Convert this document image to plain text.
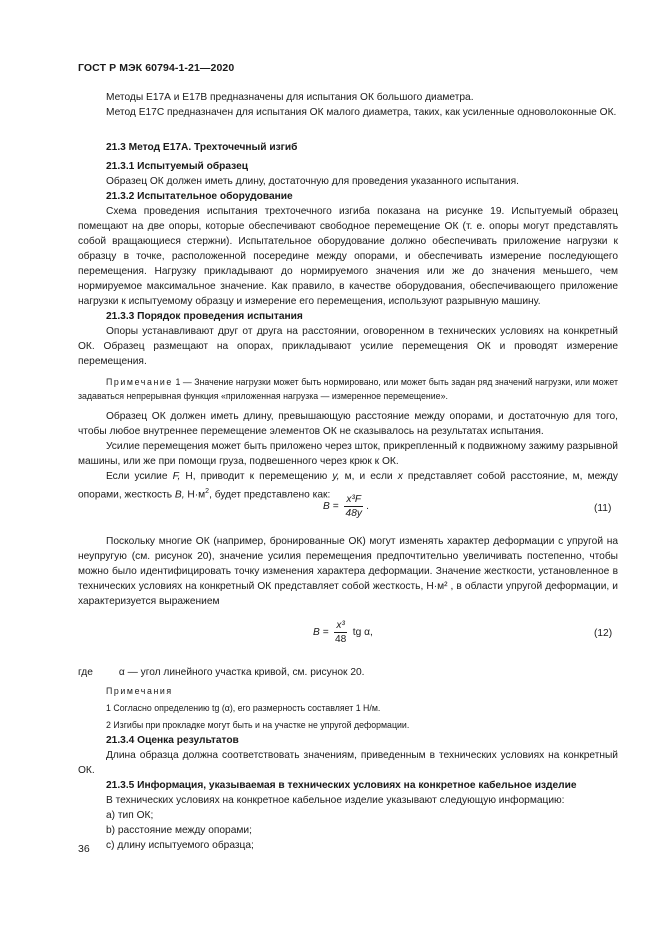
ГОСТ Р МЭК 60794-1-21—2020

Методы Е17А и Е17В предназначены для испытания ОК большого диаметра.

Метод Е17С предназначен для испытания ОК малого диаметра, таких, как усиленные одноволоконные ОК.

21.3 Метод Е17А. Трехточечный изгиб

21.3.1 Испытуемый образец

Образец ОК должен иметь длину, достаточную для проведения указанного испытания.

21.3.2 Испытательное оборудование

Схема проведения испытания трехточечного изгиба показана на рисунке 19. Испытуемый образец помещают на две опоры, которые обеспечивают свободное перемещение ОК (т. е. опоры могут представлять собой вращающиеся стержни). Испытательное оборудование должно обеспечивать приложение нагрузки к образцу в точке, расположенной посередине между опорами, и обеспечивать измерение последующего перемещения. Нагрузку прикладывают до нормируемого значения или же до значения меньшего, чем нормируемое максимальное значение. Как правило, в качестве оборудования, обеспечивающего приложение нагрузки к испытуемому образцу и измерение его перемещения, используют разрывную машину.

21.3.3 Порядок проведения испытания

Опоры устанавливают друг от друга на расстоянии, оговоренном в технических условиях на конкретный ОК. Образец размещают на опорах, прикладывают усилие перемещения ОК и проводят измерение перемещения.

Примечание 1 — Значение нагрузки может быть нормировано, или может быть задан ряд значений нагрузки, или может задаваться непрерывная функция «приложенная нагрузка — измеренное перемещение».

Образец ОК должен иметь длину, превышающую расстояние между опорами, и достаточную для того, чтобы любое внутреннее перемещение элементов ОК не сказывалось на результатах испытания.

Усилие перемещения может быть приложено через шток, прикрепленный к подвижному зажиму разрывной машины, или же при помощи груза, подвешенного через крюк к ОК.

Если усилие F, Н, приводит к перемещению y, м, и если x представляет собой расстояние, м, между опорами, жесткость B, $Н\cdot м^2$, будет представлено как:

$B = \frac{\text{x³F}}{48y}$ .	(11)

Поскольку многие ОК (например, бронированные ОК) могут изменять характер деформации с упругой на неупругую (см. рисунок 20), значение усилия перемещения предпочтительно увеличивать постепенно, чтобы можно было идентифицировать точку изменения характера деформации. Значение жесткости, установленное в технических условиях на конкретный ОК представляет собой жесткость, Н·м² , в области упругой деформации, и характеризуется выражением

$B = \frac{\text{x³}}{48}$ tg α,	(12)

где	α — угол линейного участка кривой, см. рисунок 20.

Примечания

1 Согласно определению tg (α), его размерность составляет 1 Н/м.

2 Изгибы при прокладке могут быть и на участке не упругой деформации.

21.3.4 Оценка результатов

Длина образца должна соответствовать значениям, приведенным в технических условиях на конкретный ОК.

21.3.5 Информация, указываемая в технических условиях на конкретное кабельное изделие

В технических условиях на конкретное кабельное изделие указывают следующую информацию:

а) тип ОК;

b) расстояние между опорами;

с) длину испытуемого образца;

36
